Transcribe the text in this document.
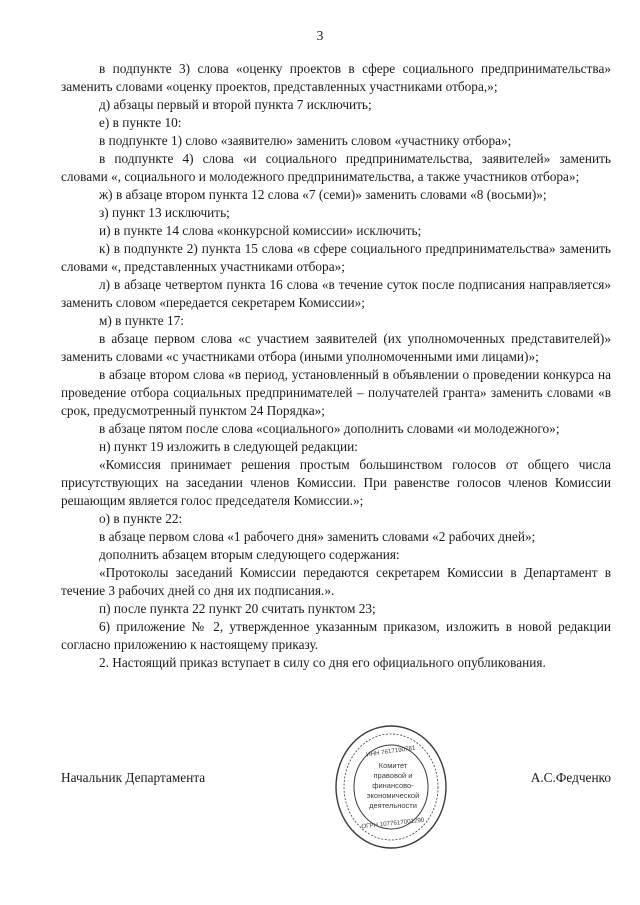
3

в подпункте 3) слова «оценку проектов в сфере социального предпринимательства» заменить словами «оценку проектов, представленных участниками отбора,»;

д) абзацы первый и второй пункта 7 исключить;

е) в пункте 10:

в подпункте 1) слово «заявителю» заменить словом «участнику отбора»;

в подпункте 4) слова «и социального предпринимательства, заявителей» заменить словами «, социального и молодежного предпринимательства, а также участников отбора»;

ж) в абзаце втором пункта 12 слова «7 (семи)» заменить словами «8 (восьми)»;

з) пункт 13 исключить;

и) в пункте 14 слова «конкурсной комиссии» исключить;

к) в подпункте 2) пункта 15 слова «в сфере социального предпринимательства» заменить словами «, представленных участниками отбора»;

л) в абзаце четвертом пункта 16 слова «в течение суток после подписания направляется» заменить словом «передается секретарем Комиссии»;

м) в пункте 17:

в абзаце первом слова «с участием заявителей (их уполномоченных представителей)» заменить словами «с участниками отбора (иными уполномоченными ими лицами)»;

в абзаце втором слова «в период, установленный в объявлении о проведении конкурса на проведение отбора социальных предпринимателей – получателей гранта» заменить словами «в срок, предусмотренный пунктом 24 Порядка»;

в абзаце пятом после слова «социального» дополнить словами «и молодежного»;

н) пункт 19 изложить в следующей редакции:

«Комиссия принимает решения простым большинством голосов от общего числа присутствующих на заседании членов Комиссии. При равенстве голосов членов Комиссии решающим является голос председателя Комиссии.»;

о) в пункте 22:

в абзаце первом слова «1 рабочего дня» заменить словами «2 рабочих дней»;

дополнить абзацем вторым следующего содержания:

«Протоколы заседаний Комиссии передаются секретарем Комиссии в Департамент в течение 3 рабочих дней со дня их подписания.».

п) после пункта 22 пункт 20 считать пунктом 23;

6) приложение № 2, утвержденное указанным приказом, изложить в новой редакции согласно приложению к настоящему приказу.

2. Настоящий приказ вступает в силу со дня его официального опубликования.

Начальник Департамента	А.С.Федченко
ИНН 7617190781
Комитет
правовой и
финансово-
экономической
деятельности
ОГРН 1077617001290
